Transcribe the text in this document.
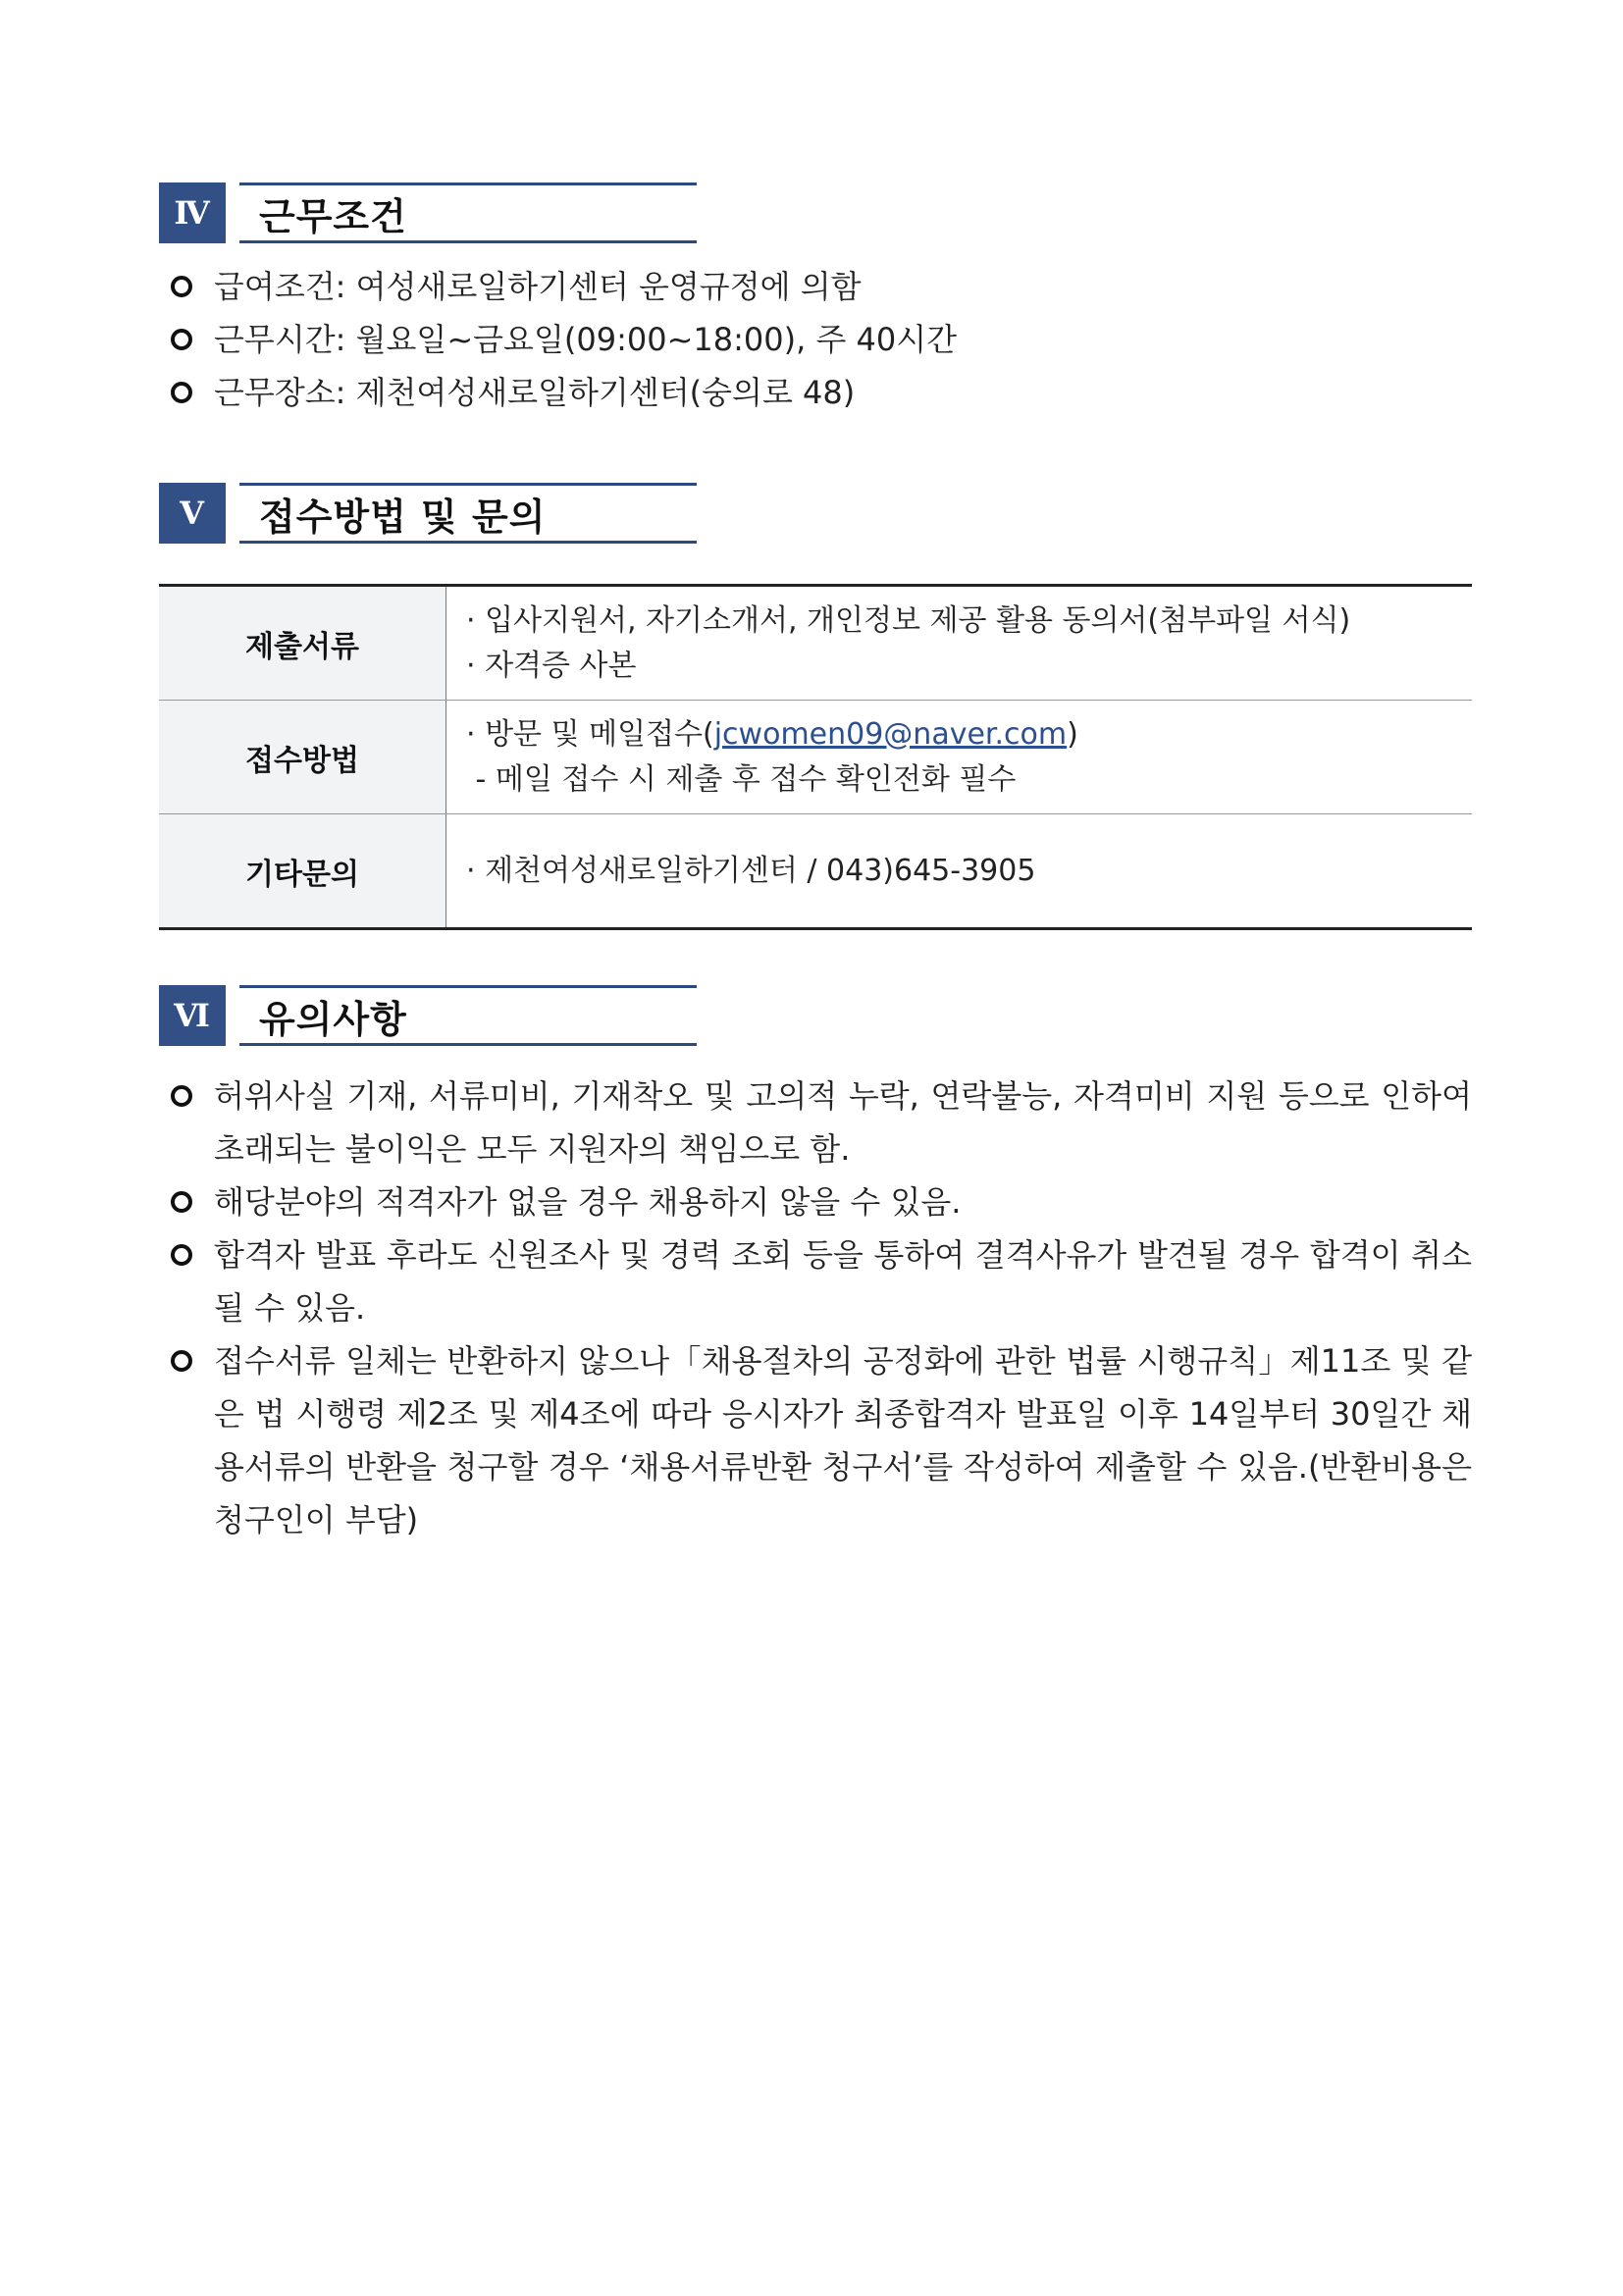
Ⅳ	근무조건
급여조건: 여성새로일하기센터 운영규정에 의함
근무시간: 월요일~금요일(09:00~18:00), 주 40시간
근무장소: 제천여성새로일하기센터(숭의로 48)
Ⅴ	접수방법 및 문의
제출서류	· 입사지원서, 자기소개서, 개인정보 제공 활용 동의서(첨부파일 서식)
· 자격증 사본

접수방법	· 방문 및 메일접수(jcwomen09@naver.com)
- 메일 접수 시 제출 후 접수 확인전화 필수

기타문의	· 제천여성새로일하기센터 / 043)645-3905
Ⅵ	유의사항
허위사실 기재, 서류미비, 기재착오 및 고의적 누락, 연락불능, 자격미비 지원 등으로 인하여 초래되는 불이익은 모두 지원자의 책임으로 함.
해당분야의 적격자가 없을 경우 채용하지 않을 수 있음.
합격자 발표 후라도 신원조사 및 경력 조회 등을 통하여 결격사유가 발견될 경우 합격이 취소될 수 있음.
접수서류 일체는 반환하지 않으나「채용절차의 공정화에 관한 법률 시행규칙」제11조 및 같은 법 시행령 제2조 및 제4조에 따라 응시자가 최종합격자 발표일 이후 14일부터 30일간 채용서류의 반환을 청구할 경우 ‘채용서류반환 청구서’를 작성하여 제출할 수 있음.(반환비용은 청구인이 부담)
